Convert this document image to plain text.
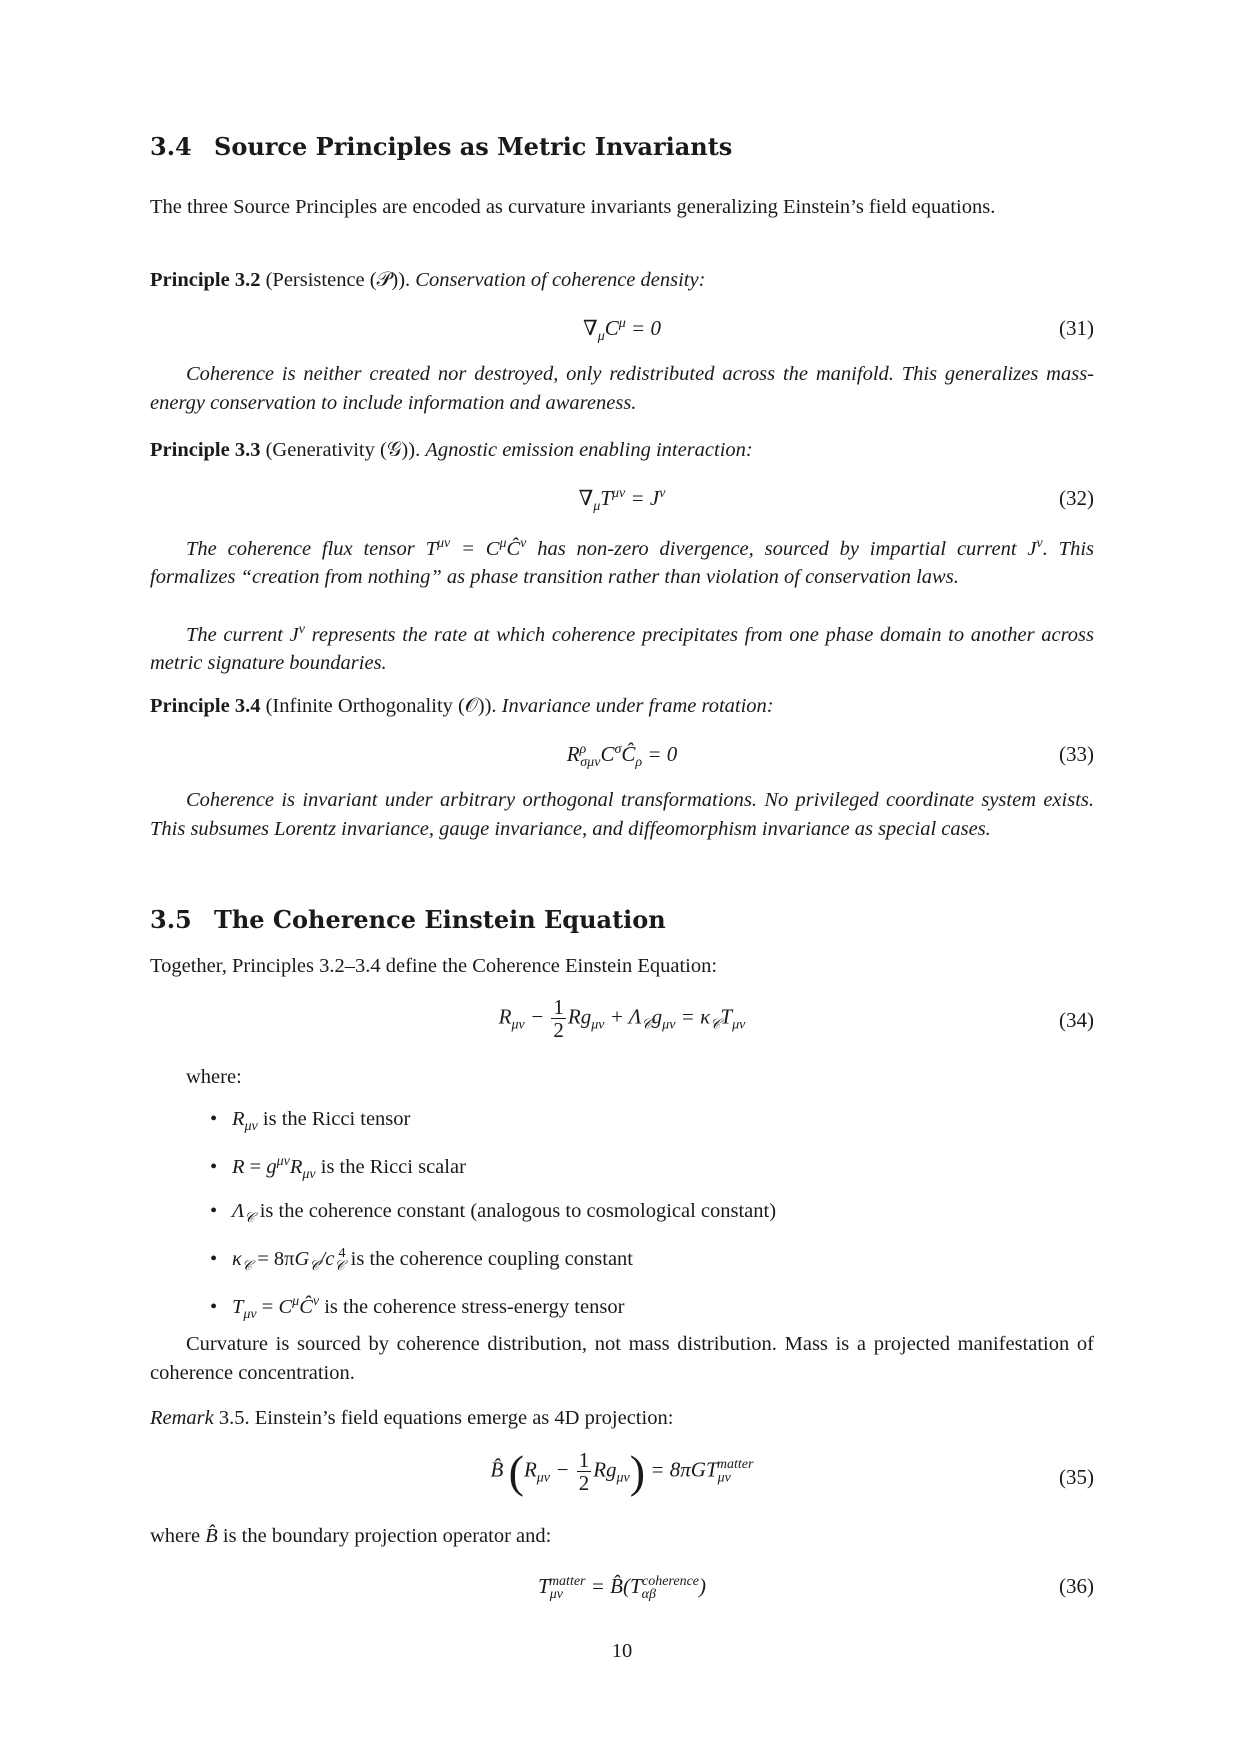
3.4 Source Principles as Metric Invariants
The three Source Principles are encoded as curvature invariants generalizing Einstein’s field equations.
Principle 3.2 (Persistence (𝒫)). Conservation of coherence density:
$\nabla_\mu C^\mu = 0$	(31)
Coherence is neither created nor destroyed, only redistributed across the manifold. This generalizes mass-energy conservation to include information and awareness.
Principle 3.3 (Generativity (𝒢)). Agnostic emission enabling interaction:
$\nabla_\mu T^{\mu\nu} = J^\nu$	(32)
The coherence flux tensor $T^{\mu\nu}$ = $C^\mu Ĉ^\nu$ has non-zero divergence, sourced by impartial current $J^\nu$. This formalizes “creation from nothing” as phase transition rather than violation of conservation laws.
The current $J^\nu$ represents the rate at which coherence precipitates from one phase domain to another across metric signature boundaries.
Principle 3.4 (Infinite Orthogonality (𝒪)). Invariance under frame rotation:
$R^\rho_{\sigma\mu\nu}C^\sigma Ĉ_\rho = 0$	(33)
Coherence is invariant under arbitrary orthogonal transformations. No privileged coordinate system exists. This subsumes Lorentz invariance, gauge invariance, and diffeomorphism invariance as special cases.
3.5 The Coherence Einstein Equation
Together, Principles 3.2–3.4 define the Coherence Einstein Equation:
$R_{\mu\nu} - \frac{1}{2} Rg_{\mu\nu} + \Lambda_𝒞g_{\mu\nu} = \kappa_𝒞T_{\mu\nu}$	(34)
where:
• $R_{\mu\nu}$ is the Ricci tensor
• $R = g^{\mu\nu}R_{\mu\nu}$ is the Ricci scalar
• $\Lambda_𝒞$ is the coherence constant (analogous to cosmological constant)
• $\kappa_𝒞 = 8\pi G_𝒞/c_𝒞^4$ is the coherence coupling constant
• $T_{\mu\nu}$ = $C^\mu Ĉ^\nu$ is the coherence stress-energy tensor
Curvature is sourced by coherence distribution, not mass distribution. Mass is a projected manifestation of coherence concentration.
Remark 3.5. Einstein’s field equations emerge as 4D projection:
B̂ $(R_{\mu\nu} - \frac{1}{2} Rg_{\mu\nu}) = 8\pi GT_{\mu\nu}^{matter}$
(35)
where B̂ is the boundary projection operator and:
$T_{\mu\nu}^{matter}$ = $B̂(T_{\alpha\beta}^{coherence})$	(36)
10
